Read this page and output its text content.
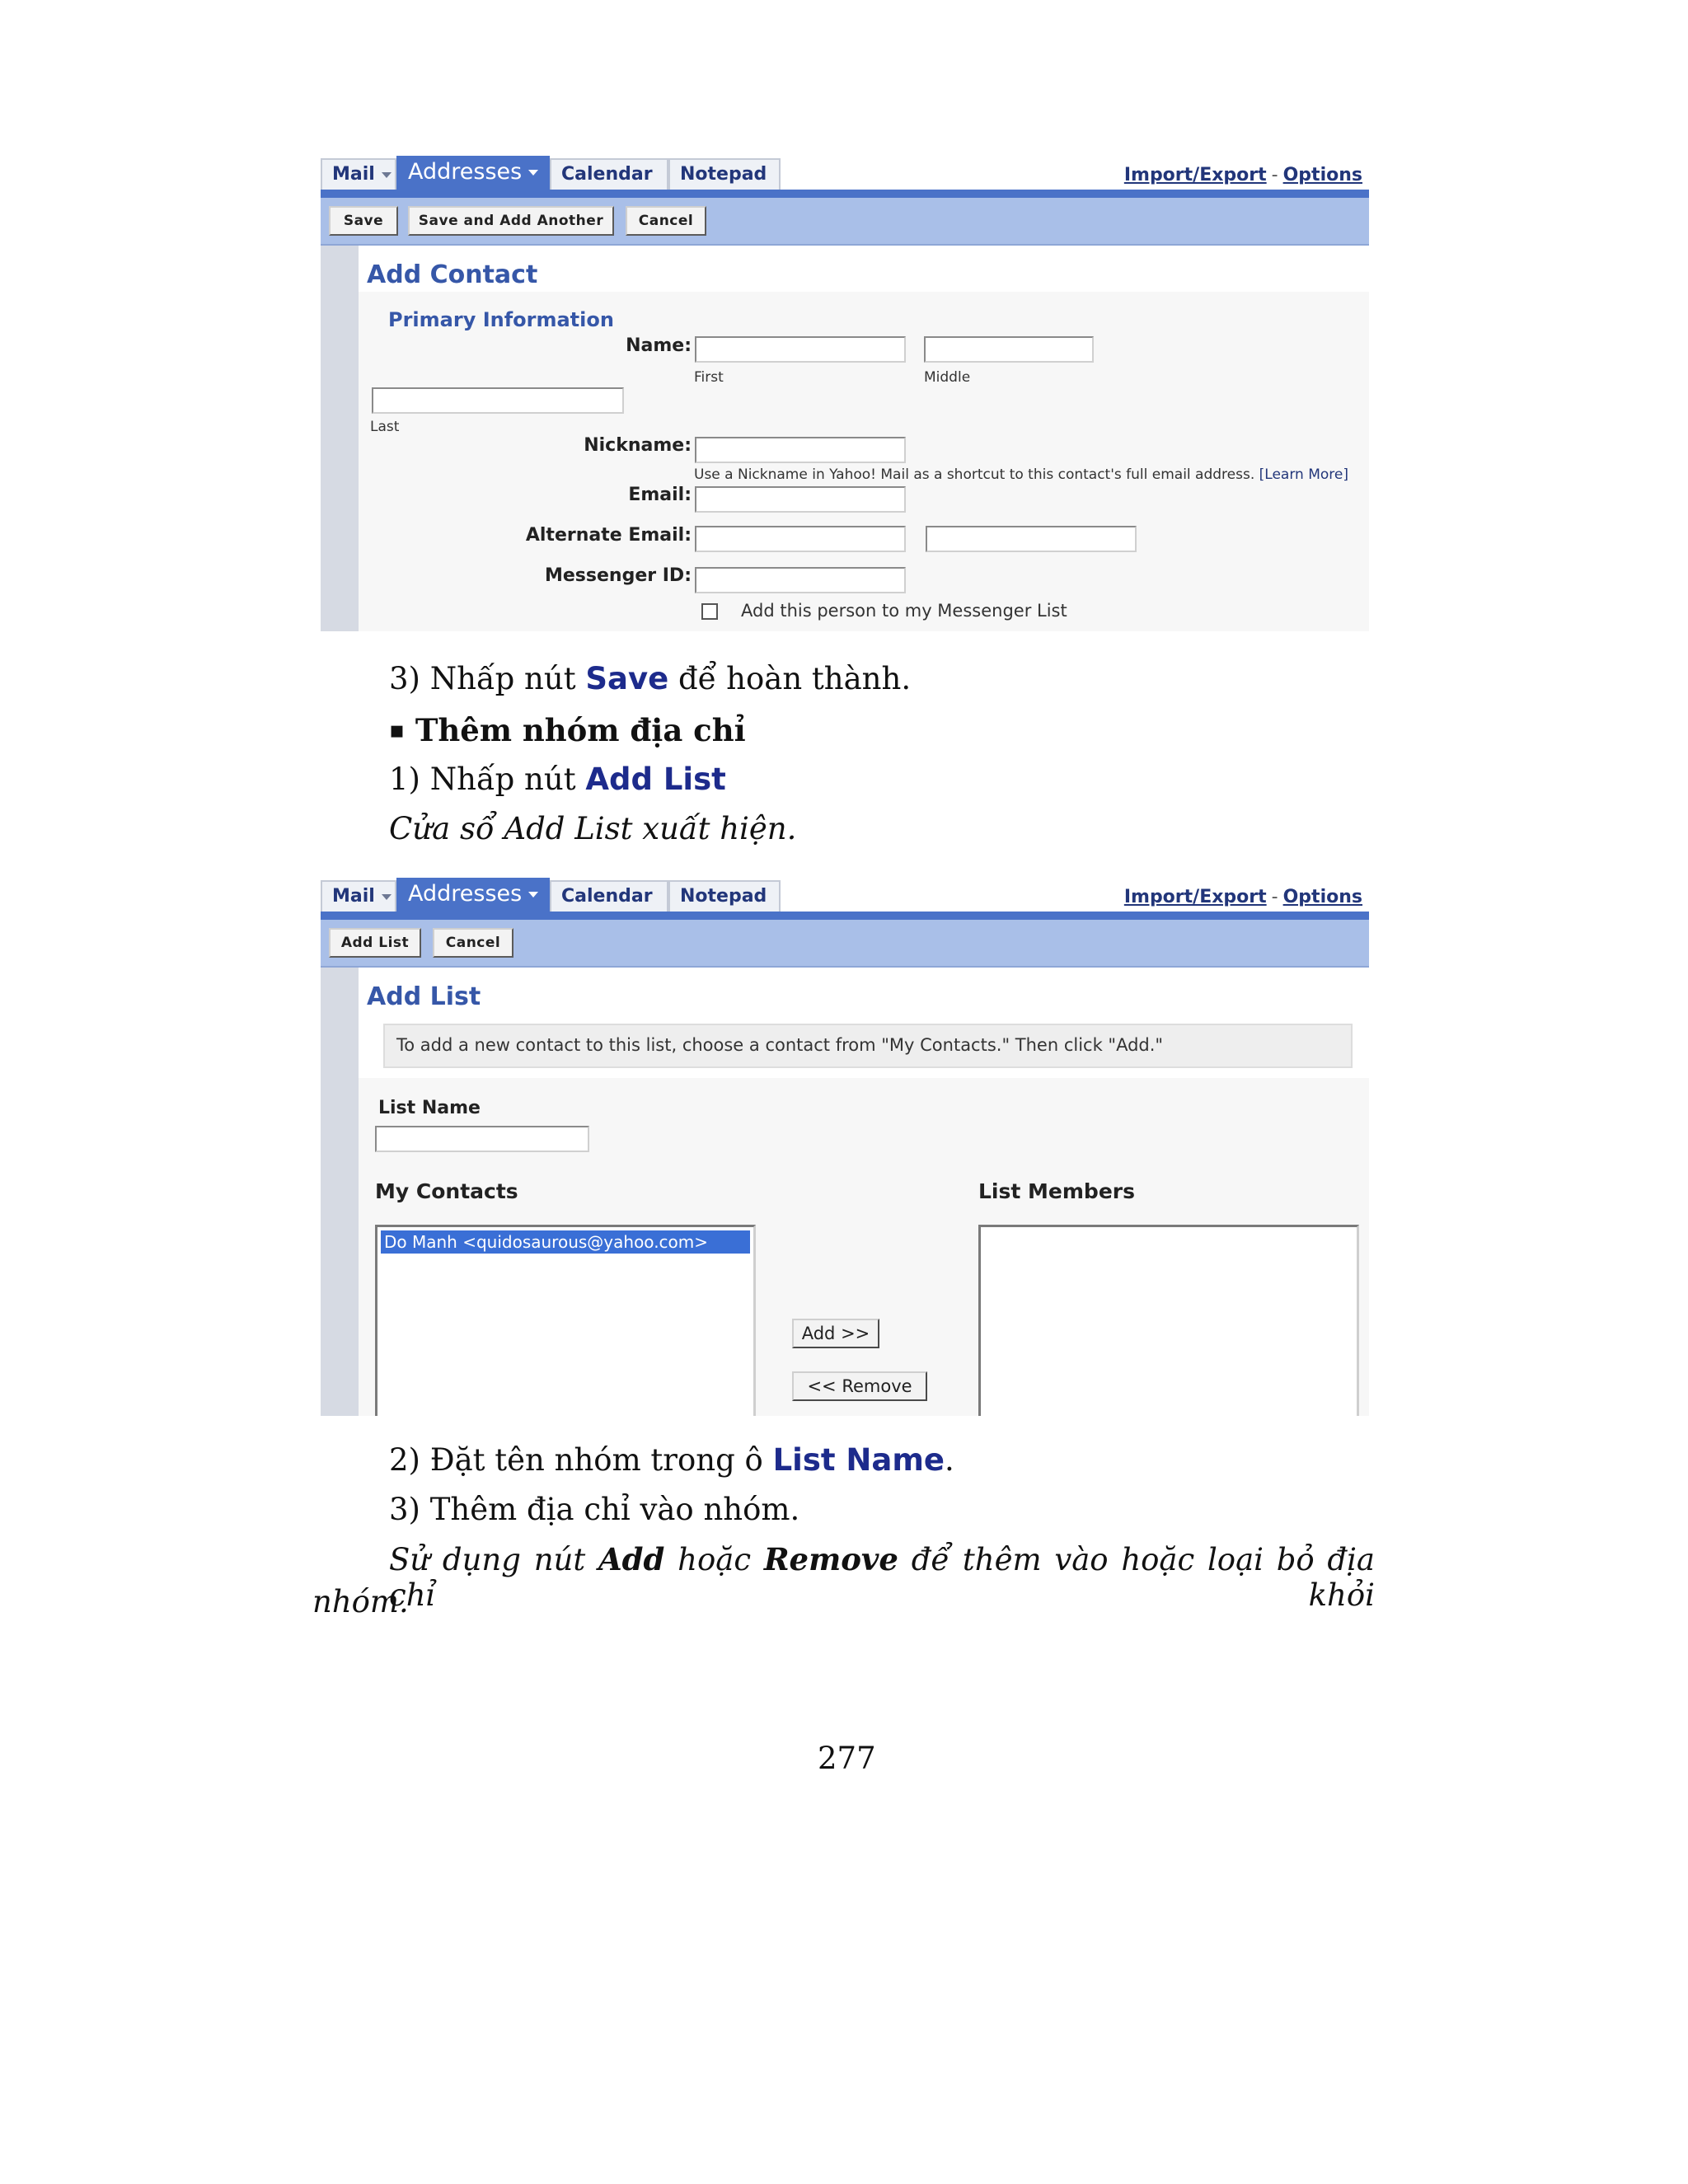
Mail	Addresses	Calendar	Notepad	Import/Export - Options
Save	Save and Add Another	Cancel
Add Contact
Primary Information
Name:
First	Middle
Last
Nickname:
Use a Nickname in Yahoo! Mail as a shortcut to this contact's full email address. [Learn More]
Email:
Alternate Email:
Messenger ID:
Add this person to my Messenger List
3) Nhấp nút Save để hoàn thành.
▪ Thêm nhóm địa chỉ
1) Nhấp nút Add List
Cửa sổ Add List xuất hiện.
Mail	Addresses	Calendar	Notepad	Import/Export - Options
Add List	Cancel
Add List
To add a new contact to this list, choose a contact from "My Contacts." Then click "Add."
List Name
My Contacts	List Members
Do Manh <quidosaurous@yahoo.com>
Add >>
<< Remove
2) Đặt tên nhóm trong ô List Name.
3) Thêm địa chỉ vào nhóm.
Sử dụng nút Add hoặc Remove để thêm vào hoặc loại bỏ địa chỉ khỏi
nhóm.
277
